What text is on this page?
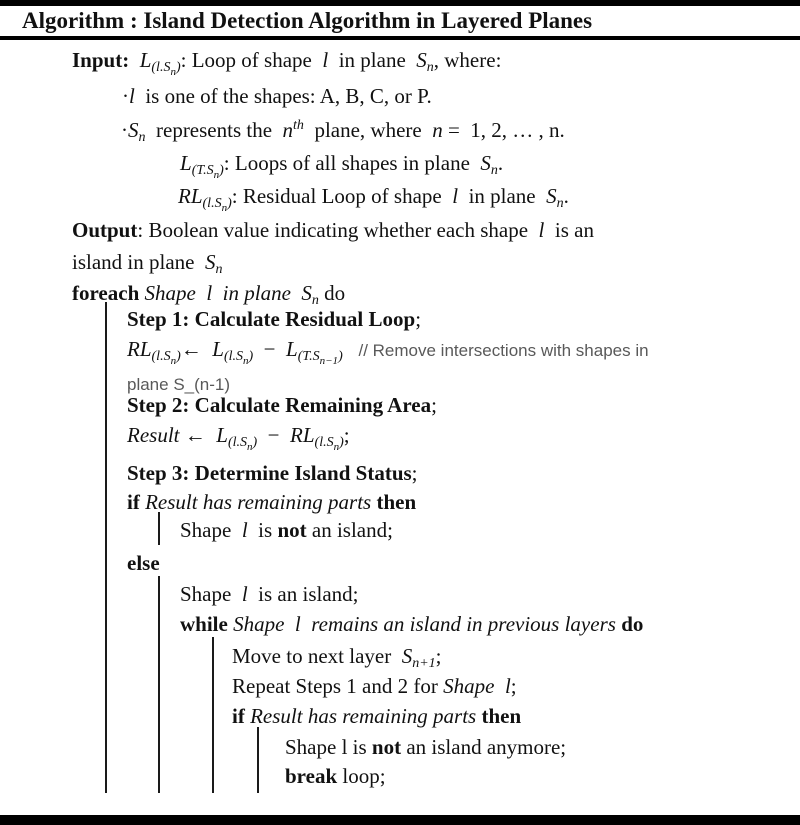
Algorithm : Island Detection Algorithm in Layered Planes
Input:  $L(l.S_n)$: Loop of shape  l  in plane  Sn, where:
·l  is one of the shapes: A, B, C, or P.
·Sn  represents the  $n^{th}$  plane, where  n =  1, 2, … , n.
$L(T.S_n)$: Loops of all shapes in plane  Sn.
$RL(l.S_n)$: Residual Loop of shape  l  in plane  Sn.
Output: Boolean value indicating whether each shape  l  is an
island in plane  Sn
foreach Shape  l  in plane  Sn do
Step 1: Calculate Residual Loop;
$RL(l.S_n)\leftarrow$  $L(l.S_n) - L(T.S_{n-1})$ // Remove intersections with shapes in
plane S_(n-1)
Step 2: Calculate Remaining Area;
Result ←  $L(l.S_n) - RL(l.S_n)$;
Step 3: Determine Island Status;
if Result has remaining parts then
Shape  l  is not an island;
else
Shape  l  is an island;
while Shape  l  remains an island in previous layers do
Move to next layer  Sn+1;
Repeat Steps 1 and 2 for Shape  l;
if Result has remaining parts then
Shape l is not an island anymore;
break loop;
